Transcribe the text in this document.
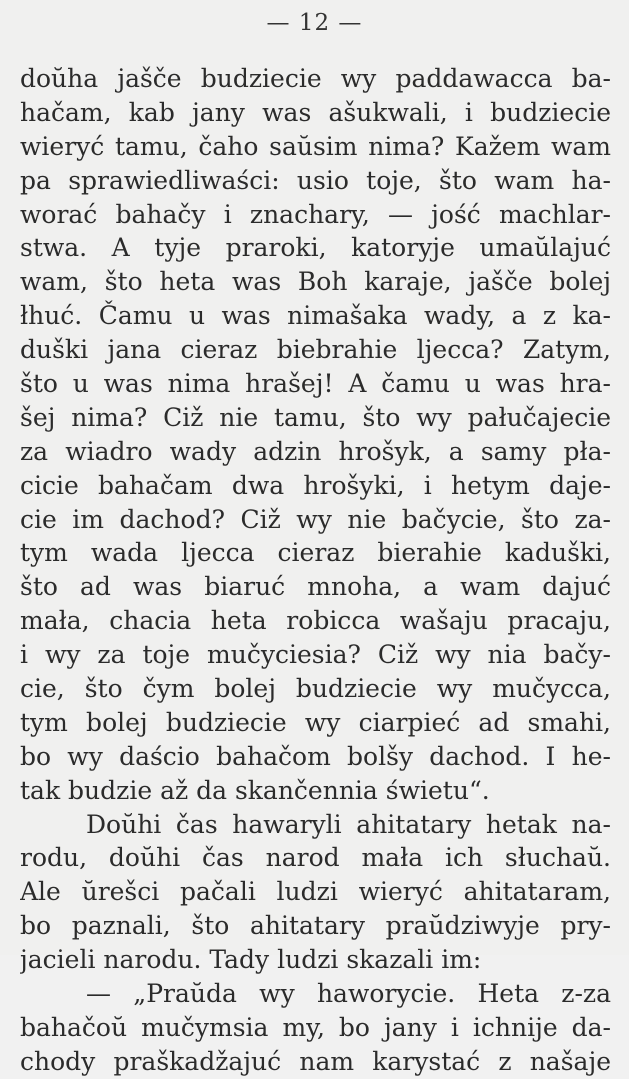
— 12 —
doŭha jašče budziecie wy paddawacca ba-
hačam, kab jany was ašukwali, i budziecie
wieryć tamu, čaho saŭsim nima? Kažem wam
pa sprawiedliwaści: usio toje, što wam ha-
worać bahačy i znachary, — jość machlar-
stwa. A tyje praroki, katoryje umaŭlajuć
wam, što heta was Boh karaje, jašče bolej
łhuć. Čamu u was nimašaka wady, a z ka-
duški jana cieraz biebrahie ljecca? Zatym,
što u was nima hrašej! A čamu u was hra-
šej nima? Ciž nie tamu, što wy pałučajecie
za wiadro wady adzin hrošyk, a samy pła-
cicie bahačam dwa hrošyki, i hetym daje-
cie im dachod? Ciž wy nie bačycie, što za-
tym wada ljecca cieraz bierahie kaduški,
što ad was biaruć mnoha, a wam dajuć
mała, chacia heta robicca wašaju pracaju,
i wy za toje mučyciesia? Ciž wy nia bačy-
cie, što čym bolej budziecie wy mučycca,
tym bolej budziecie wy ciarpieć ad smahi,
bo wy daścio bahačom bolšy dachod. I he-
tak budzie až da skančennia świetu“.
Doŭhi čas hawaryli ahitatary hetak na-
rodu, doŭhi čas narod mała ich słuchaŭ.
Ale ŭrešci pačali ludzi wieryć ahitataram,
bo paznali, što ahitatary praŭdziwyje pry-
jacieli narodu. Tady ludzi skazali im:
— „Praŭda wy haworycie. Heta z-za
bahačoŭ mučymsia my, bo jany i ichnije da-
chody praškadžajuć nam karystać z našaje
